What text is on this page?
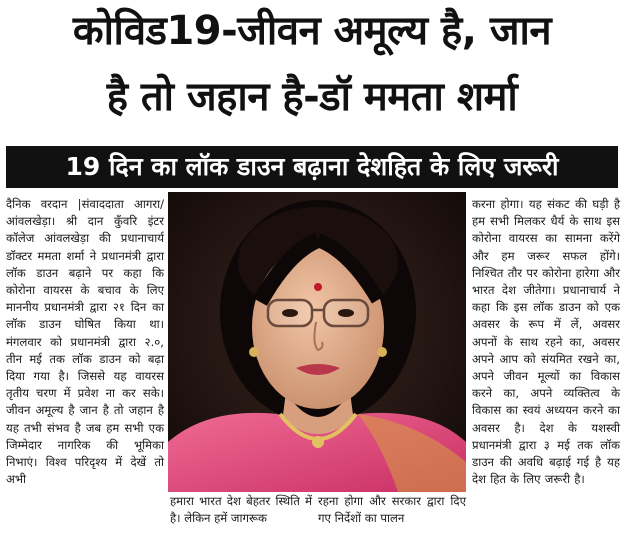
कोविड19-जीवन अमूल्य है, जान
है तो जहान है-डॉ ममता शर्मा
19 दिन का लॉक डाउन बढ़ाना देशहित के लिए जरूरी

दैनिक वरदान |संवाददाता आगरा/आंवलखेड़ा। श्री दान कुँवरि इंटर कॉलेज आंवलखेड़ा की प्रधानाचार्य डॉक्टर ममता शर्मा ने प्रधानमंत्री द्वारा लॉक डाउन बढ़ाने पर कहा कि कोरोना वायरस के बचाव के लिए माननीय प्रधानमंत्री द्वारा २१ दिन का लॉक डाउन घोषित किया था। मंगलवार को प्रधानमंत्री द्वारा २.०, तीन मई तक लॉक डाउन को बढ़ा दिया गया है। जिससे यह वायरस तृतीय चरण में प्रवेश ना कर सके। जीवन अमूल्य है जान है तो जहान है यह तभी संभव है जब हम सभी एक जिम्मेदार नागरिक की भूमिका निभाएं। विश्व परिदृश्य में देखें तो अभी

हमारा भारत देश बेहतर स्थिति में है। लेकिन हमें जागरूक
रहना होगा और सरकार द्वारा दिए गए निर्देशों का पालन

करना होगा। यह संकट की घड़ी है हम सभी मिलकर धैर्य के साथ इस कोरोना वायरस का सामना करेंगे और हम जरूर सफल होंगे। निश्चित तौर पर कोरोना हारेगा और भारत देश जीतेगा। प्रधानाचार्य ने कहा कि इस लॉक डाउन को एक अवसर के रूप में लें, अवसर अपनों के साथ रहने का, अवसर अपने आप को संयमित रखने का, अपने जीवन मूल्यों का विकास करने का, अपने व्यक्तित्व के विकास का स्वयं अध्ययन करने का अवसर है। देश के यशस्वी प्रधानमंत्री द्वारा ३ मई तक लॉक डाउन की अवधि बढ़ाई गई है यह देश हित के लिए जरूरी है।
